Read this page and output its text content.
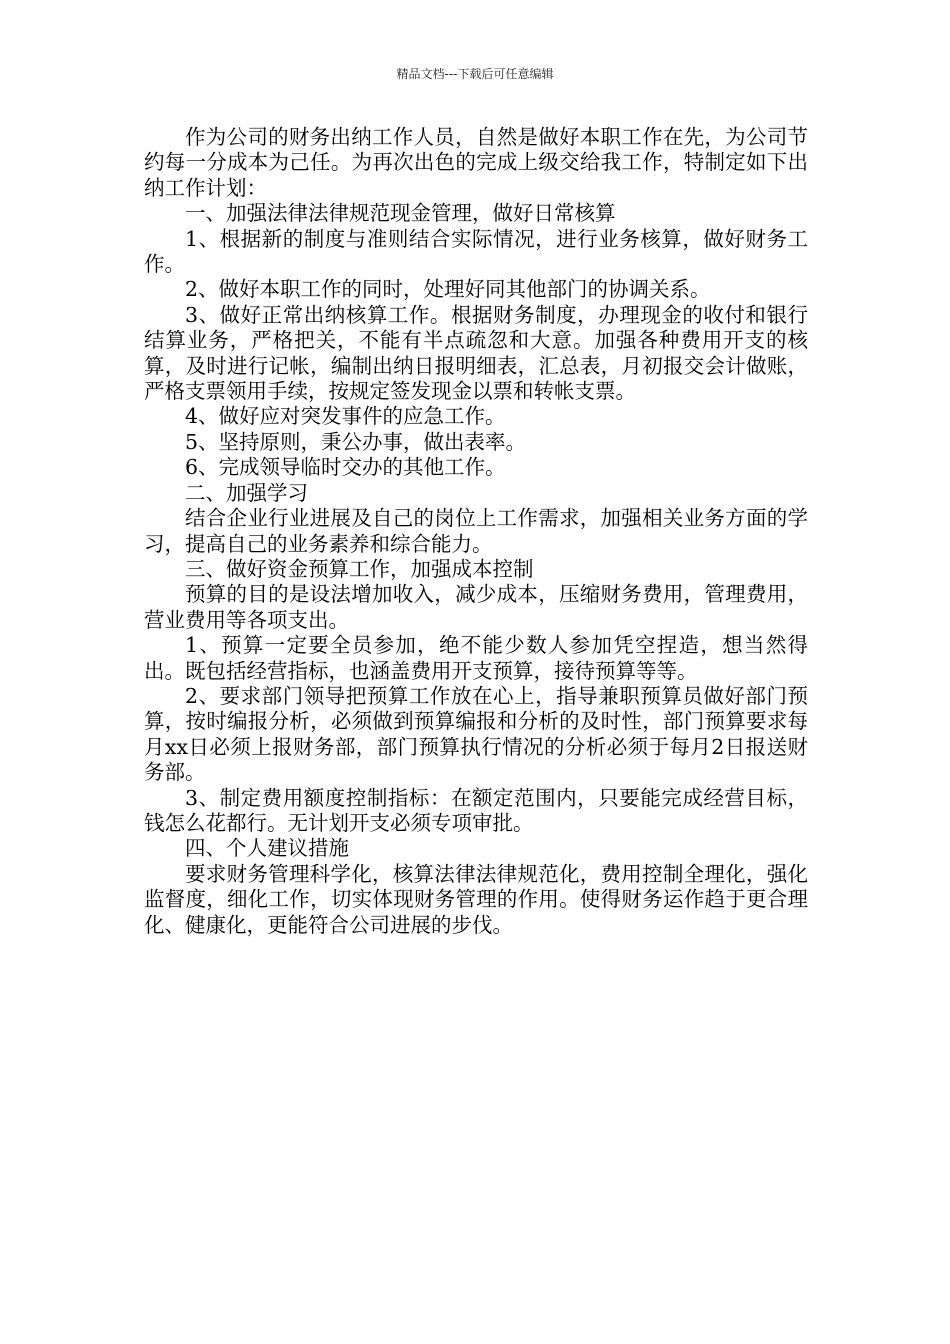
精品文档---下载后可任意编辑

作为公司的财务出纳工作人员，自然是做好本职工作在先，为公司节约每一分成本为己任。为再次出色的完成上级交给我工作，特制定如下出纳工作计划：

一、加强法律法律规范现金管理，做好日常核算

1、根据新的制度与准则结合实际情况，进行业务核算，做好财务工作。

2、做好本职工作的同时，处理好同其他部门的协调关系。

3、做好正常出纳核算工作。根据财务制度，办理现金的收付和银行结算业务，严格把关，不能有半点疏忽和大意。加强各种费用开支的核算，及时进行记帐，编制出纳日报明细表，汇总表，月初报交会计做账，严格支票领用手续，按规定签发现金以票和转帐支票。

4、做好应对突发事件的应急工作。

5、坚持原则，秉公办事，做出表率。

6、完成领导临时交办的其他工作。

二、加强学习

结合企业行业进展及自己的岗位上工作需求，加强相关业务方面的学习，提高自己的业务素养和综合能力。

三、做好资金预算工作，加强成本控制

预算的目的是设法增加收入，减少成本，压缩财务费用，管理费用，营业费用等各项支出。

1、预算一定要全员参加，绝不能少数人参加凭空捏造，想当然得出。既包括经营指标，也涵盖费用开支预算，接待预算等等。

2、要求部门领导把预算工作放在心上，指导兼职预算员做好部门预算，按时编报分析，必须做到预算编报和分析的及时性，部门预算要求每月xx日必须上报财务部，部门预算执行情况的分析必须于每月2日报送财务部。

3、制定费用额度控制指标：在额定范围内，只要能完成经营目标，钱怎么花都行。无计划开支必须专项审批。

四、个人建议措施

要求财务管理科学化，核算法律法律规范化，费用控制全理化，强化监督度，细化工作，切实体现财务管理的作用。使得财务运作趋于更合理化、健康化，更能符合公司进展的步伐。
